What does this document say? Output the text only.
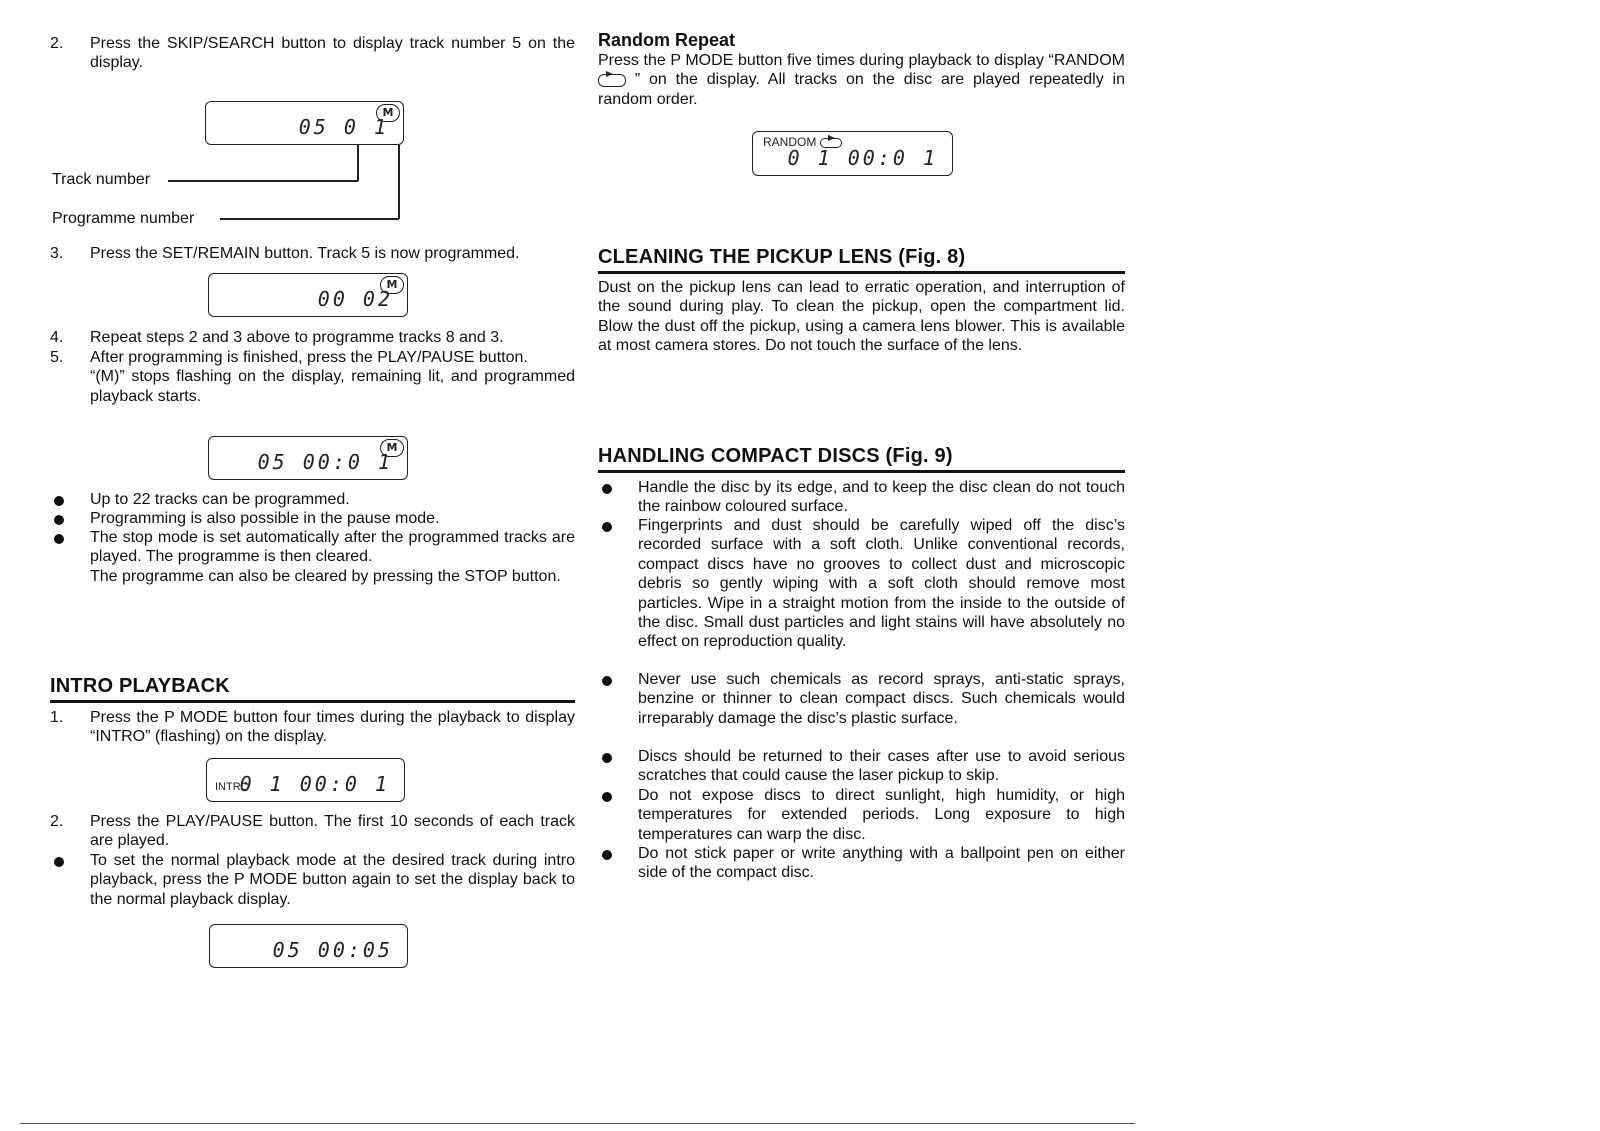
2. Press the SKIP/SEARCH button to display track number 5 on the display.
M
05 0 1
Track number
Programme number
3. Press the SET/REMAIN button. Track 5 is now programmed.
M
00 02
4. Repeat steps 2 and 3 above to programme tracks 8 and 3.
5. After programming is finished, press the PLAY/PAUSE button.
“(M)” stops flashing on the display, remaining lit, and programmed playback starts.
M
05 00:0 1
Up to 22 tracks can be programmed.
Programming is also possible in the pause mode.
The stop mode is set automatically after the programmed tracks are played. The programme is then cleared.
The programme can also be cleared by pressing the STOP button.
INTRO PLAYBACK
1. Press the P MODE button four times during the playback to display “INTRO” (flashing) on the display.
INTRO
0 1 00:0 1
2. Press the PLAY/PAUSE button. The first 10 seconds of each track are played.
To set the normal playback mode at the desired track during intro playback, press the P MODE button again to set the display back to the normal playback display.
05 00:05
Random Repeat
Press the P MODE button five times during playback to display “RANDOM  ” on the display. All tracks on the disc are played repeatedly in random order.
RANDOM
0 1 00:0 1
CLEANING THE PICKUP LENS (Fig. 8)
Dust on the pickup lens can lead to erratic operation, and interruption of the sound during play. To clean the pickup, open the compartment lid. Blow the dust off the pickup, using a camera lens blower. This is available at most camera stores. Do not touch the surface of the lens.
HANDLING COMPACT DISCS (Fig. 9)
Handle the disc by its edge, and to keep the disc clean do not touch the rainbow coloured surface.
Fingerprints and dust should be carefully wiped off the disc’s recorded surface with a soft cloth. Unlike conventional records, compact discs have no grooves to collect dust and microscopic debris so gently wiping with a soft cloth should remove most particles. Wipe in a straight motion from the inside to the outside of the disc. Small dust particles and light stains will have absolutely no effect on reproduction quality.
Never use such chemicals as record sprays, anti-static sprays, benzine or thinner to clean compact discs. Such chemicals would irreparably damage the disc’s plastic surface.
Discs should be returned to their cases after use to avoid serious scratches that could cause the laser pickup to skip.
Do not expose discs to direct sunlight, high humidity, or high temperatures for extended periods. Long exposure to high temperatures can warp the disc.
Do not stick paper or write anything with a ballpoint pen on either side of the compact disc.
